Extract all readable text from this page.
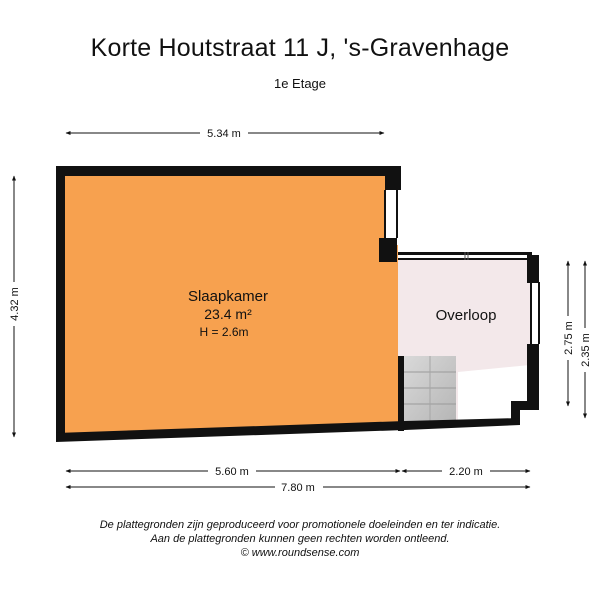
Korte Houtstraat 11 J, 's-Gravenhage
1e Etage
Slaapkamer
23.4 m²
H = 2.6m
Overloop
5.34 m
4.32 m
5.60 m	2.20 m
7.80 m
2.75 m 2.35 m
De plattegronden zijn geproduceerd voor promotionele doeleinden en ter indicatie.
Aan de plattegronden kunnen geen rechten worden ontleend.
© www.roundsense.com
